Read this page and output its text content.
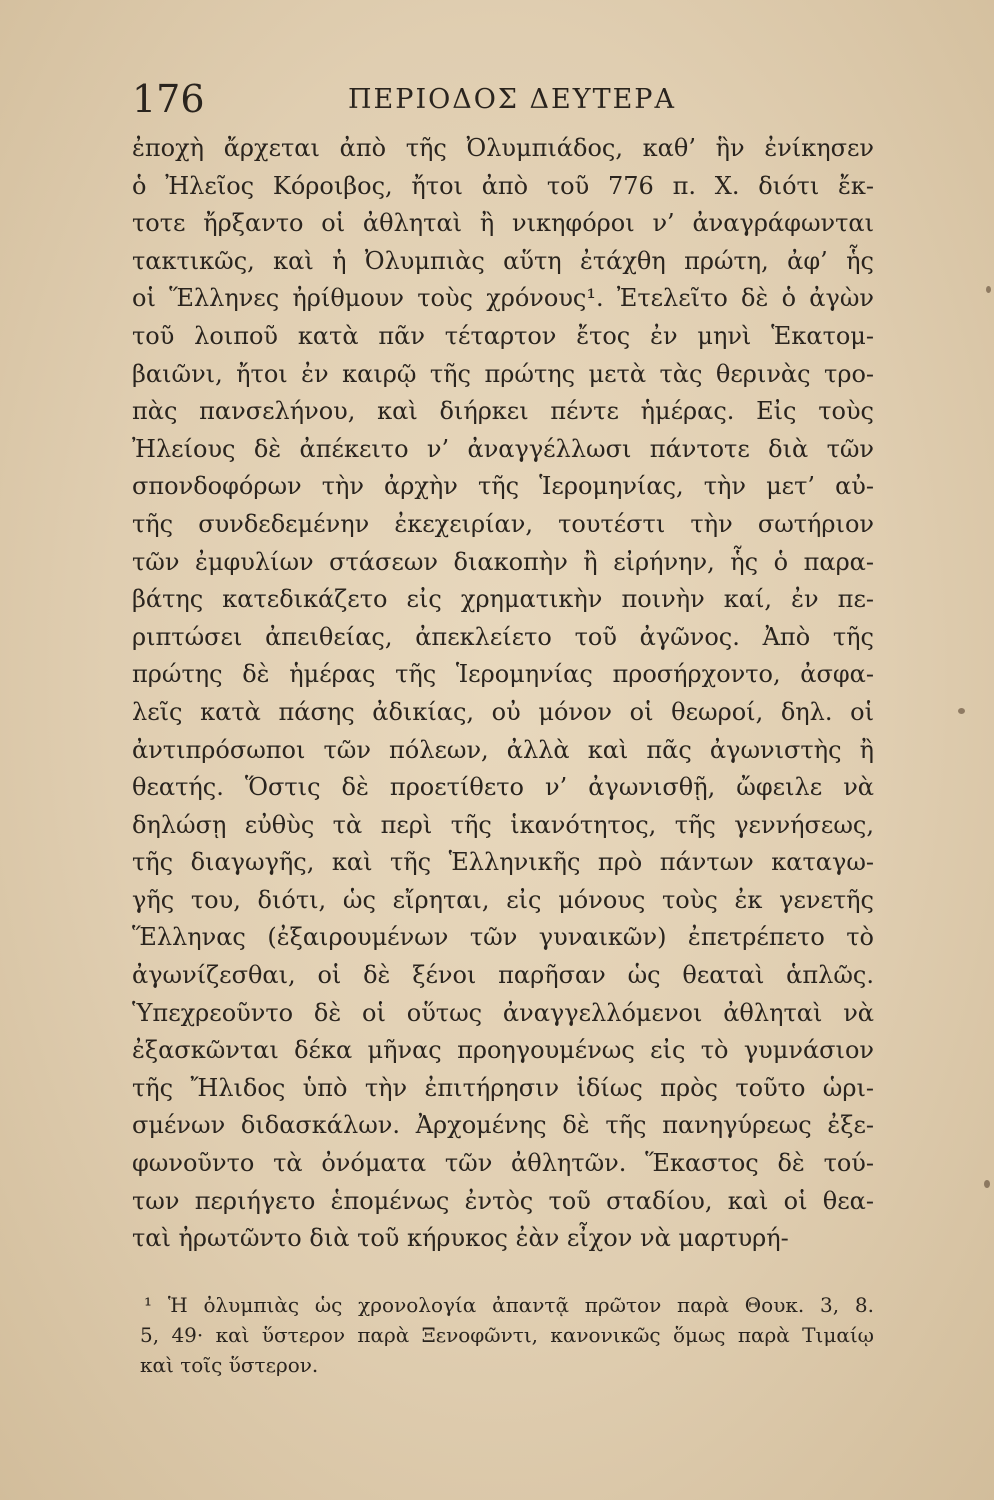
176	ΠΕΡΙΟΔΟΣ ΔΕΥΤΕΡΑ
ἐποχὴ ἄρχεται ἀπὸ τῆς Ὀλυμπιάδος, καθ’ ἣν ἐνίκησεν
ὁ Ἠλεῖος Κόροιβος, ἤτοι ἀπὸ τοῦ 776 π. Χ. διότι ἔκ-
τοτε ἤρξαντο οἱ ἀθληταὶ ἢ νικηφόροι ν’ ἀναγράφωνται
τακτικῶς, καὶ ἡ Ὀλυμπιὰς αὕτη ἐτάχθη πρώτη, ἀφ’ ἧς
οἱ Ἕλληνες ἠρίθμουν τοὺς χρόνους¹. Ἐτελεῖτο δὲ ὁ ἀγὼν
τοῦ λοιποῦ κατὰ πᾶν τέταρτον ἔτος ἐν μηνὶ Ἑκατομ-
βαιῶνι, ἤτοι ἐν καιρῷ τῆς πρώτης μετὰ τὰς θερινὰς τρο-
πὰς πανσελήνου, καὶ διήρκει πέντε ἡμέρας. Εἰς τοὺς
Ἠλείους δὲ ἀπέκειτο ν’ ἀναγγέλλωσι πάντοτε διὰ τῶν
σπονδοφόρων τὴν ἀρχὴν τῆς Ἱερομηνίας, τὴν μετ’ αὐ-
τῆς συνδεδεμένην ἐκεχειρίαν, τουτέστι τὴν σωτήριον
τῶν ἐμφυλίων στάσεων διακοπὴν ἢ εἰρήνην, ἧς ὁ παρα-
βάτης κατεδικάζετο εἰς χρηματικὴν ποινὴν καί, ἐν πε-
ριπτώσει ἀπειθείας, ἀπεκλείετο τοῦ ἀγῶνος. Ἀπὸ τῆς
πρώτης δὲ ἡμέρας τῆς Ἱερομηνίας προσήρχοντο, ἀσφα-
λεῖς κατὰ πάσης ἀδικίας, οὐ μόνον οἱ θεωροί, δηλ. οἱ
ἀντιπρόσωποι τῶν πόλεων, ἀλλὰ καὶ πᾶς ἀγωνιστὴς ἢ
θεατής. Ὅστις δὲ προετίθετο ν’ ἀγωνισθῇ, ὤφειλε νὰ
δηλώσῃ εὐθὺς τὰ περὶ τῆς ἱκανότητος, τῆς γεννήσεως,
τῆς διαγωγῆς, καὶ τῆς Ἑλληνικῆς πρὸ πάντων καταγω-
γῆς του, διότι, ὡς εἴρηται, εἰς μόνους τοὺς ἐκ γενετῆς
Ἕλληνας (ἐξαιρουμένων τῶν γυναικῶν) ἐπετρέπετο τὸ
ἀγωνίζεσθαι, οἱ δὲ ξένοι παρῆσαν ὡς θεαταὶ ἁπλῶς.
Ὑπεχρεοῦντο δὲ οἱ οὕτως ἀναγγελλόμενοι ἀθληταὶ νὰ
ἐξασκῶνται δέκα μῆνας προηγουμένως εἰς τὸ γυμνάσιον
τῆς Ἤλιδος ὑπὸ τὴν ἐπιτήρησιν ἰδίως πρὸς τοῦτο ὡρι-
σμένων διδασκάλων. Ἀρχομένης δὲ τῆς πανηγύρεως ἐξε-
φωνοῦντο τὰ ὀνόματα τῶν ἀθλητῶν. Ἕκαστος δὲ τού-
των περιήγετο ἑπομένως ἐντὸς τοῦ σταδίου, καὶ οἱ θεα-
ταὶ ἠρωτῶντο διὰ τοῦ κήρυκος ἐὰν εἶχον νὰ μαρτυρή-
¹ Ἡ ὀλυμπιὰς ὡς χρονολογία ἀπαντᾷ πρῶτον παρὰ Θουκ. 3, 8.
5, 49· καὶ ὕστερον παρὰ Ξενοφῶντι, κανονικῶς ὅμως παρὰ Τιμαίῳ
καὶ τοῖς ὕστερον.
